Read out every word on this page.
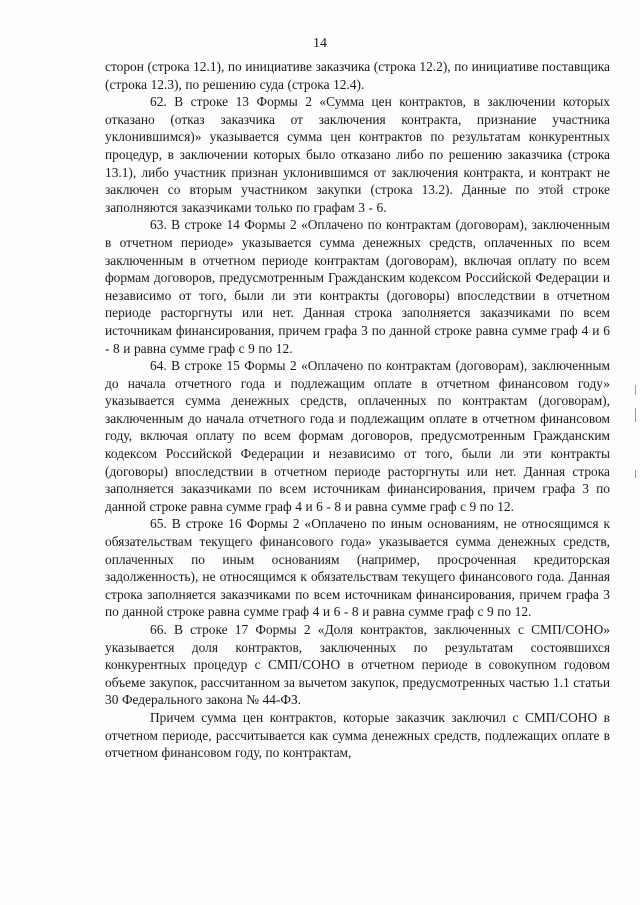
14

сторон (строка 12.1), по инициативе заказчика (строка 12.2), по инициативе поставщика (строка 12.3), по решению суда (строка 12.4).

62. В строке 13 Формы 2 «Сумма цен контрактов, в заключении которых отказано (отказ заказчика от заключения контракта, признание участника уклонившимся)» указывается сумма цен контрактов по результатам конкурентных процедур, в заключении которых было отказано либо по решению заказчика (строка 13.1), либо участник признан уклонившимся от заключения контракта, и контракт не заключен со вторым участником закупки (строка 13.2). Данные по этой строке заполняются заказчиками только по графам 3 - 6.

63. В строке 14 Формы 2 «Оплачено по контрактам (договорам), заключенным в отчетном периоде» указывается сумма денежных средств, оплаченных по всем заключенным в отчетном периоде контрактам (договорам), включая оплату по всем формам договоров, предусмотренным Гражданским кодексом Российской Федерации и независимо от того, были ли эти контракты (договоры) впоследствии в отчетном периоде расторгнуты или нет. Данная строка заполняется заказчиками по всем источникам финансирования, причем графа 3 по данной строке равна сумме граф 4 и 6 - 8 и равна сумме граф с 9 по 12.

64. В строке 15 Формы 2 «Оплачено по контрактам (договорам), заключенным до начала отчетного года и подлежащим оплате в отчетном финансовом году» указывается сумма денежных средств, оплаченных по контрактам (договорам), заключенным до начала отчетного года и подлежащим оплате в отчетном финансовом году, включая оплату по всем формам договоров, предусмотренным Гражданским кодексом Российской Федерации и независимо от того, были ли эти контракты (договоры) впоследствии в отчетном периоде расторгнуты или нет. Данная строка заполняется заказчиками по всем источникам финансирования, причем графа 3 по данной строке равна сумме граф 4 и 6 - 8 и равна сумме граф с 9 по 12.

65. В строке 16 Формы 2 «Оплачено по иным основаниям, не относящимся к обязательствам текущего финансового года» указывается сумма денежных средств, оплаченных по иным основаниям (например, просроченная кредиторская задолженность), не относящимся к обязательствам текущего финансового года. Данная строка заполняется заказчиками по всем источникам финансирования, причем графа 3 по данной строке равна сумме граф 4 и 6 - 8 и равна сумме граф с 9 по 12.

66. В строке 17 Формы 2 «Доля контрактов, заключенных с СМП/СОНО» указывается доля контрактов, заключенных по результатам состоявшихся конкурентных процедур с СМП/СОНО в отчетном периоде в совокупном годовом объеме закупок, рассчитанном за вычетом закупок, предусмотренных частью 1.1 статьи 30 Федерального закона № 44-ФЗ.

Причем сумма цен контрактов, которые заказчик заключил с СМП/СОНО в отчетном периоде, рассчитывается как сумма денежных средств, подлежащих оплате в отчетном финансовом году, по контрактам,
